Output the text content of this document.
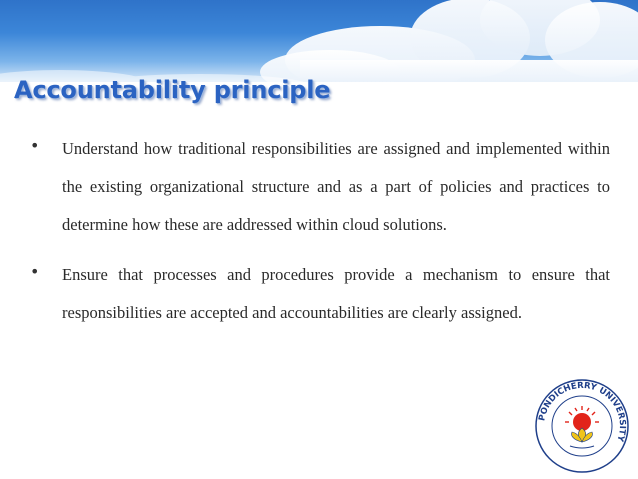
Accountability principle
• Understand how traditional responsibilities are assigned and implemented within the existing organizational structure and as a part of policies and practices to determine how these are addressed within cloud solutions.
• Ensure that processes and procedures provide a mechanism to ensure that responsibilities are accepted and accountabilities are clearly assigned.
PONDICHERRY UNIVERSITY
